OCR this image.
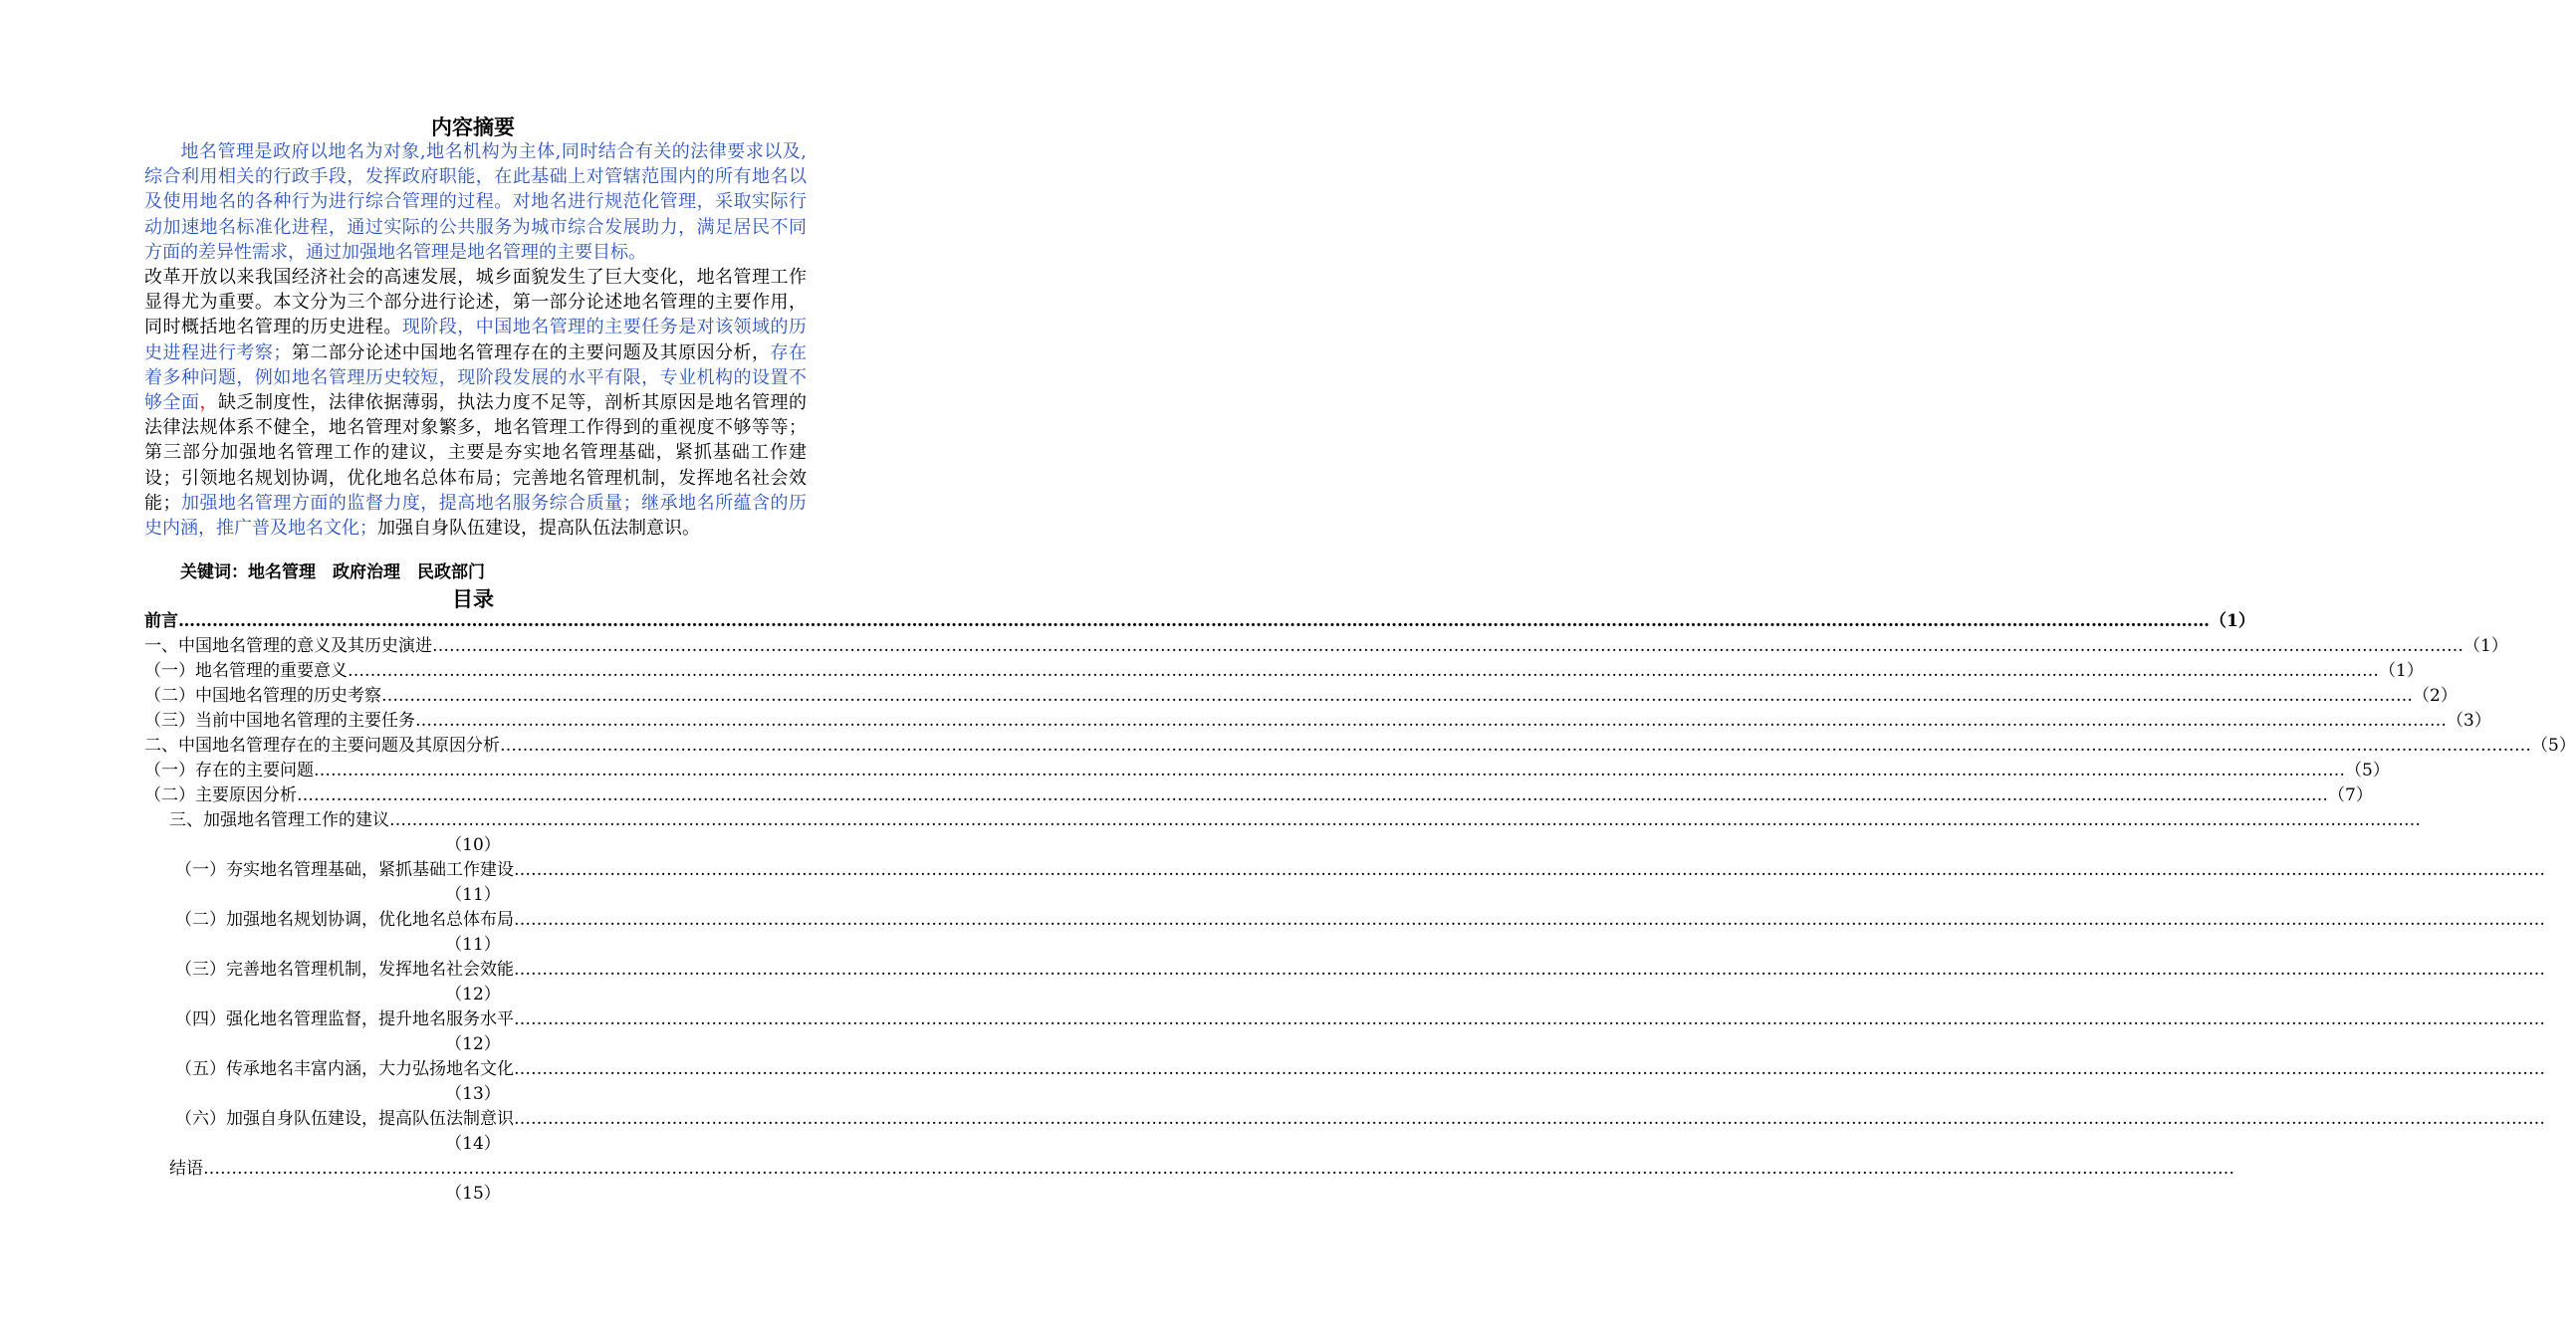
内容摘要
地名管理是政府以地名为对象,地名机构为主体,同时结合有关的法律要求以及,综合利用相关的行政手段，发挥政府职能，在此基础上对管辖范围内的所有地名以及使用地名的各种行为进行综合管理的过程。对地名进行规范化管理，采取实际行动加速地名标准化进程，通过实际的公共服务为城市综合发展助力，满足居民不同方面的差异性需求，通过加强地名管理是地名管理的主要目标。
改革开放以来我国经济社会的高速发展，城乡面貌发生了巨大变化，地名管理工作显得尤为重要。本文分为三个部分进行论述，第一部分论述地名管理的主要作用，同时概括地名管理的历史进程。现阶段，中国地名管理的主要任务是对该领域的历史进程进行考察；第二部分论述中国地名管理存在的主要问题及其原因分析，存在着多种问题，例如地名管理历史较短，现阶段发展的水平有限，专业机构的设置不够全面，缺乏制度性，法律依据薄弱，执法力度不足等，剖析其原因是地名管理的法律法规体系不健全，地名管理对象繁多，地名管理工作得到的重视度不够等等；第三部分加强地名管理工作的建议，主要是夯实地名管理基础，紧抓基础工作建设；引领地名规划协调，优化地名总体布局；完善地名管理机制，发挥地名社会效能；加强地名管理方面的监督力度，提高地名服务综合质量；继承地名所蕴含的历史内涵，推广普及地名文化；加强自身队伍建设，提高队伍法制意识。
关键词：地名管理　政府治理　民政部门
目录
前言 ……………………………………………………………………………………………………………………………………………………………………………………………………………………………………………………………………………………………………………………………… （1）
一、中国地名管理的意义及其历史演进 ……………………………………………………………………………………………………………………………………………………………………………………………………………………………………………………………………………………………………………………………… （1）
（一）地名管理的重要意义 ……………………………………………………………………………………………………………………………………………………………………………………………………………………………………………………………………………………………………………………………… （1）
（二）中国地名管理的历史考察 ……………………………………………………………………………………………………………………………………………………………………………………………………………………………………………………………………………………………………………………………… （2）
（三）当前中国地名管理的主要任务 ……………………………………………………………………………………………………………………………………………………………………………………………………………………………………………………………………………………………………………………………… （3）
二、中国地名管理存在的主要问题及其原因分析 ……………………………………………………………………………………………………………………………………………………………………………………………………………………………………………………………………………………………………………………………… （5）
（一）存在的主要问题 ……………………………………………………………………………………………………………………………………………………………………………………………………………………………………………………………………………………………………………………………… （5）
（二）主要原因分析 ……………………………………………………………………………………………………………………………………………………………………………………………………………………………………………………………………………………………………………………………… （7）
三、加强地名管理工作的建议………………………………………………………………………………………………………………………………………………………………………………………………………………………………………………………………………………………………………………………………
（10）
（一）夯实地名管理基础，紧抓基础工作建设………………………………………………………………………………………………………………………………………………………………………………………………………………………………………………………………………………………………………………………………
（11）
（二）加强地名规划协调，优化地名总体布局………………………………………………………………………………………………………………………………………………………………………………………………………………………………………………………………………………………………………………………………
（11）
（三）完善地名管理机制，发挥地名社会效能………………………………………………………………………………………………………………………………………………………………………………………………………………………………………………………………………………………………………………………………
（12）
（四）强化地名管理监督，提升地名服务水平………………………………………………………………………………………………………………………………………………………………………………………………………………………………………………………………………………………………………………………………
（12）
（五）传承地名丰富内涵，大力弘扬地名文化………………………………………………………………………………………………………………………………………………………………………………………………………………………………………………………………………………………………………………………………
（13）
（六）加强自身队伍建设，提高队伍法制意识………………………………………………………………………………………………………………………………………………………………………………………………………………………………………………………………………………………………………………………………
（14）
结语………………………………………………………………………………………………………………………………………………………………………………………………………………………………………………………………………………………………………………………………
（15）
